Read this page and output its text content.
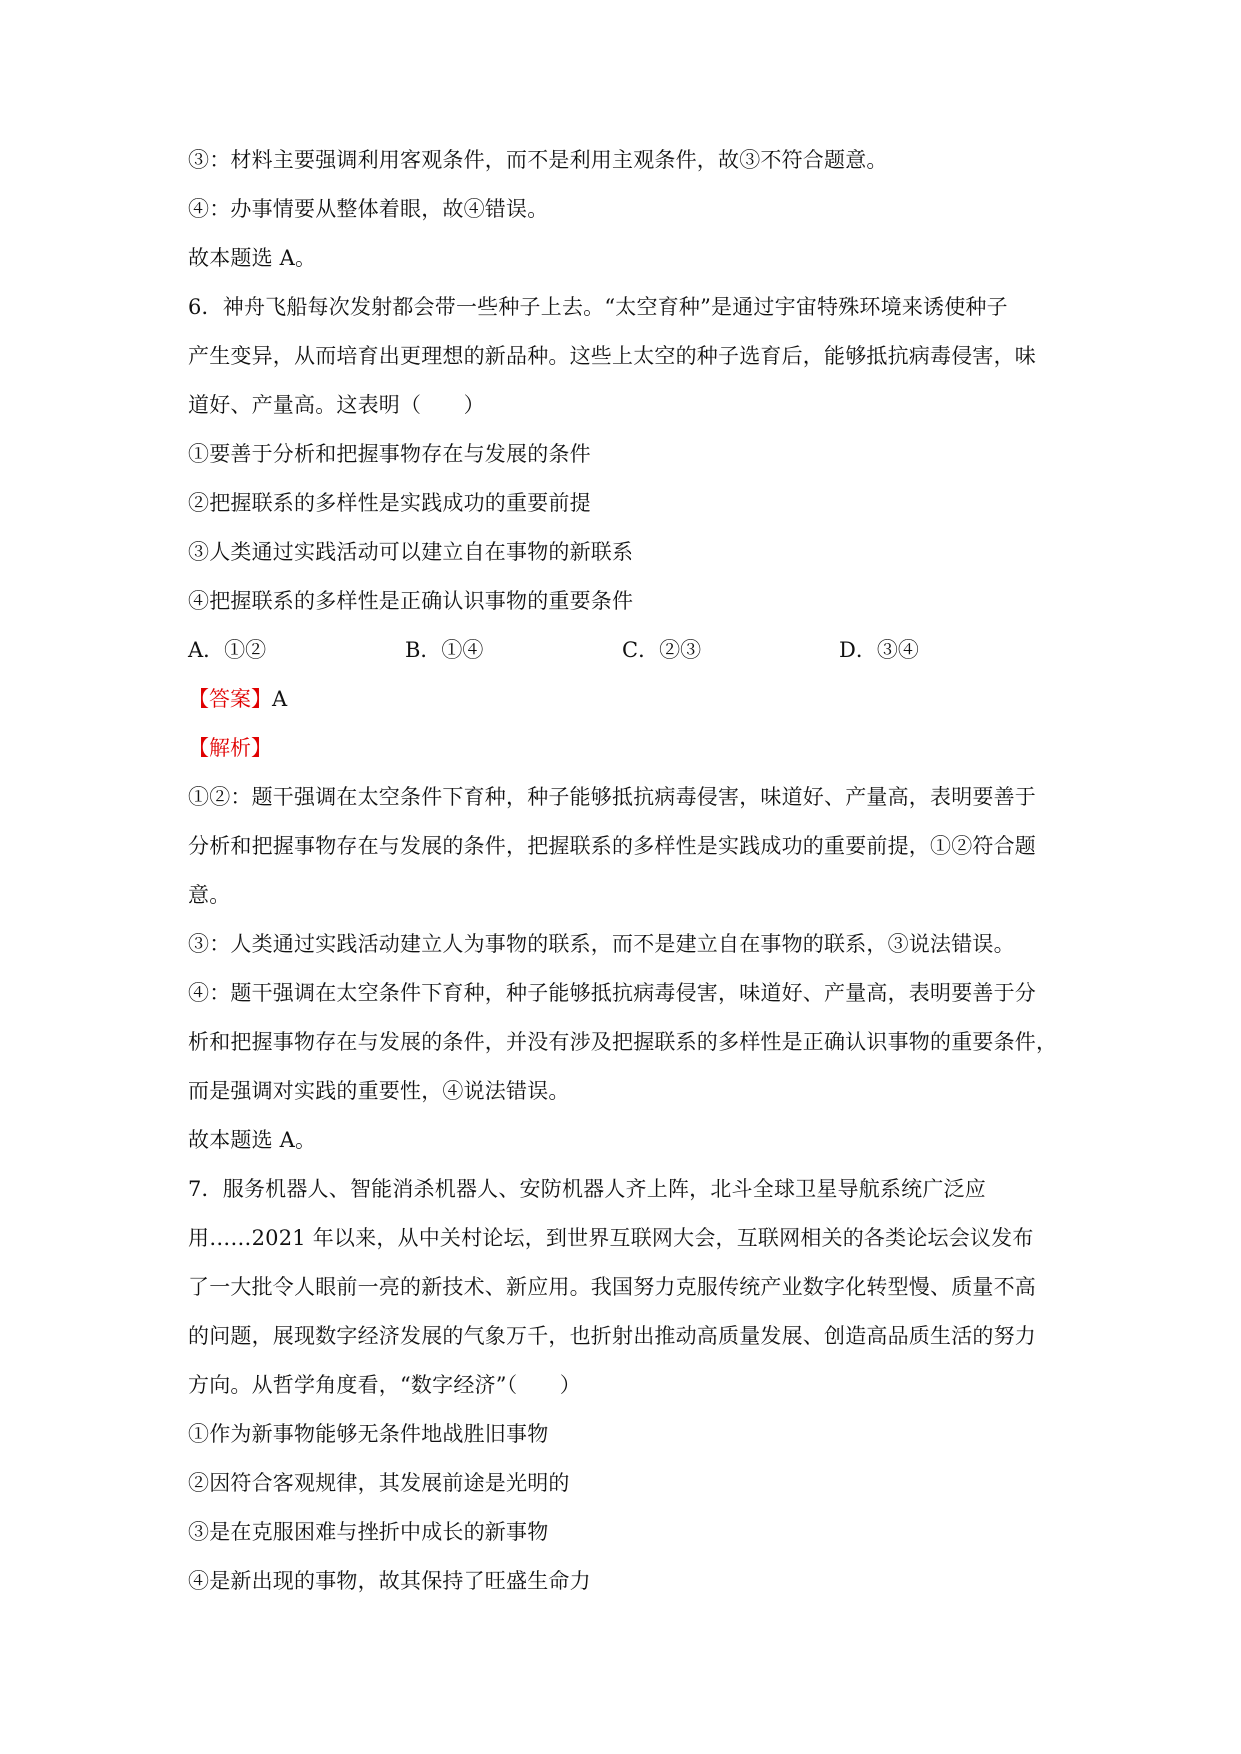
③：材料主要强调利用客观条件，而不是利用主观条件，故③不符合题意。
④：办事情要从整体着眼，故④错误。
故本题选 A。
6．神舟飞船每次发射都会带一些种子上去。“太空育种”是通过宇宙特殊环境来诱使种子
产生变异，从而培育出更理想的新品种。这些上太空的种子选育后，能够抵抗病毒侵害，味
道好、产量高。这表明（　　）
①要善于分析和把握事物存在与发展的条件
②把握联系的多样性是实践成功的重要前提
③人类通过实践活动可以建立自在事物的新联系
④把握联系的多样性是正确认识事物的重要条件
A．①②	B．①④	C．②③	D．③④
【答案】A
【解析】
①②：题干强调在太空条件下育种，种子能够抵抗病毒侵害，味道好、产量高，表明要善于
分析和把握事物存在与发展的条件，把握联系的多样性是实践成功的重要前提，①②符合题
意。
③：人类通过实践活动建立人为事物的联系，而不是建立自在事物的联系，③说法错误。
④：题干强调在太空条件下育种，种子能够抵抗病毒侵害，味道好、产量高，表明要善于分
析和把握事物存在与发展的条件，并没有涉及把握联系的多样性是正确认识事物的重要条件，
而是强调对实践的重要性，④说法错误。
故本题选 A。
7．服务机器人、智能消杀机器人、安防机器人齐上阵，北斗全球卫星导航系统广泛应
用……2021 年以来，从中关村论坛，到世界互联网大会，互联网相关的各类论坛会议发布
了一大批令人眼前一亮的新技术、新应用。我国努力克服传统产业数字化转型慢、质量不高
的问题，展现数字经济发展的气象万千，也折射出推动高质量发展、创造高品质生活的努力
方向。从哲学角度看，“数字经济”（　　）
①作为新事物能够无条件地战胜旧事物
②因符合客观规律，其发展前途是光明的
③是在克服困难与挫折中成长的新事物
④是新出现的事物，故其保持了旺盛生命力
